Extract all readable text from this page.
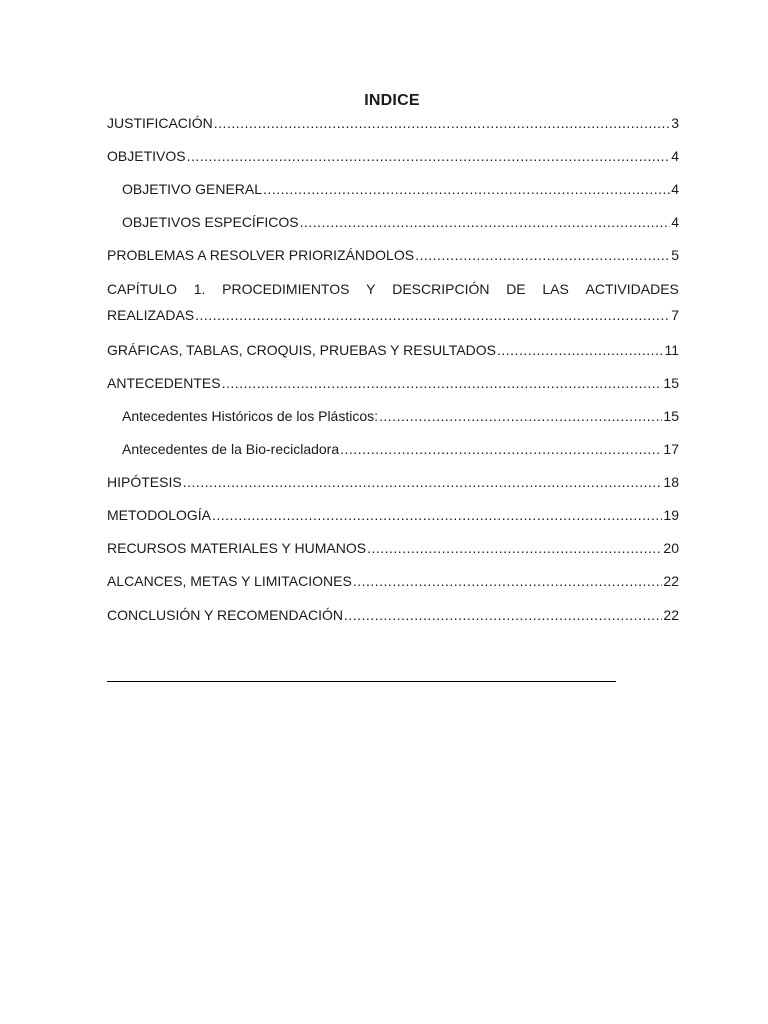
INDICE
JUSTIFICACIÓN .....	3
OBJETIVOS .....	4
OBJETIVO GENERAL .....	4
OBJETIVOS ESPECÍFICOS .....	4
PROBLEMAS A RESOLVER PRIORIZÁNDOLOS .....	5
CAPÍTULO 1. PROCEDIMIENTOS Y DESCRIPCIÓN DE LAS ACTIVIDADES
REALIZADAS .....	7
GRÁFICAS, TABLAS, CROQUIS, PRUEBAS Y RESULTADOS .....	11
ANTECEDENTES .....	15
Antecedentes Históricos de los Plásticos: .....	15
Antecedentes de la Bio-recicladora .....	17
HIPÓTESIS .....	18
METODOLOGÍA .....	19
RECURSOS MATERIALES Y HUMANOS .....	20
ALCANCES, METAS Y LIMITACIONES .....	22
CONCLUSIÓN Y RECOMENDACIÓN .....	22
